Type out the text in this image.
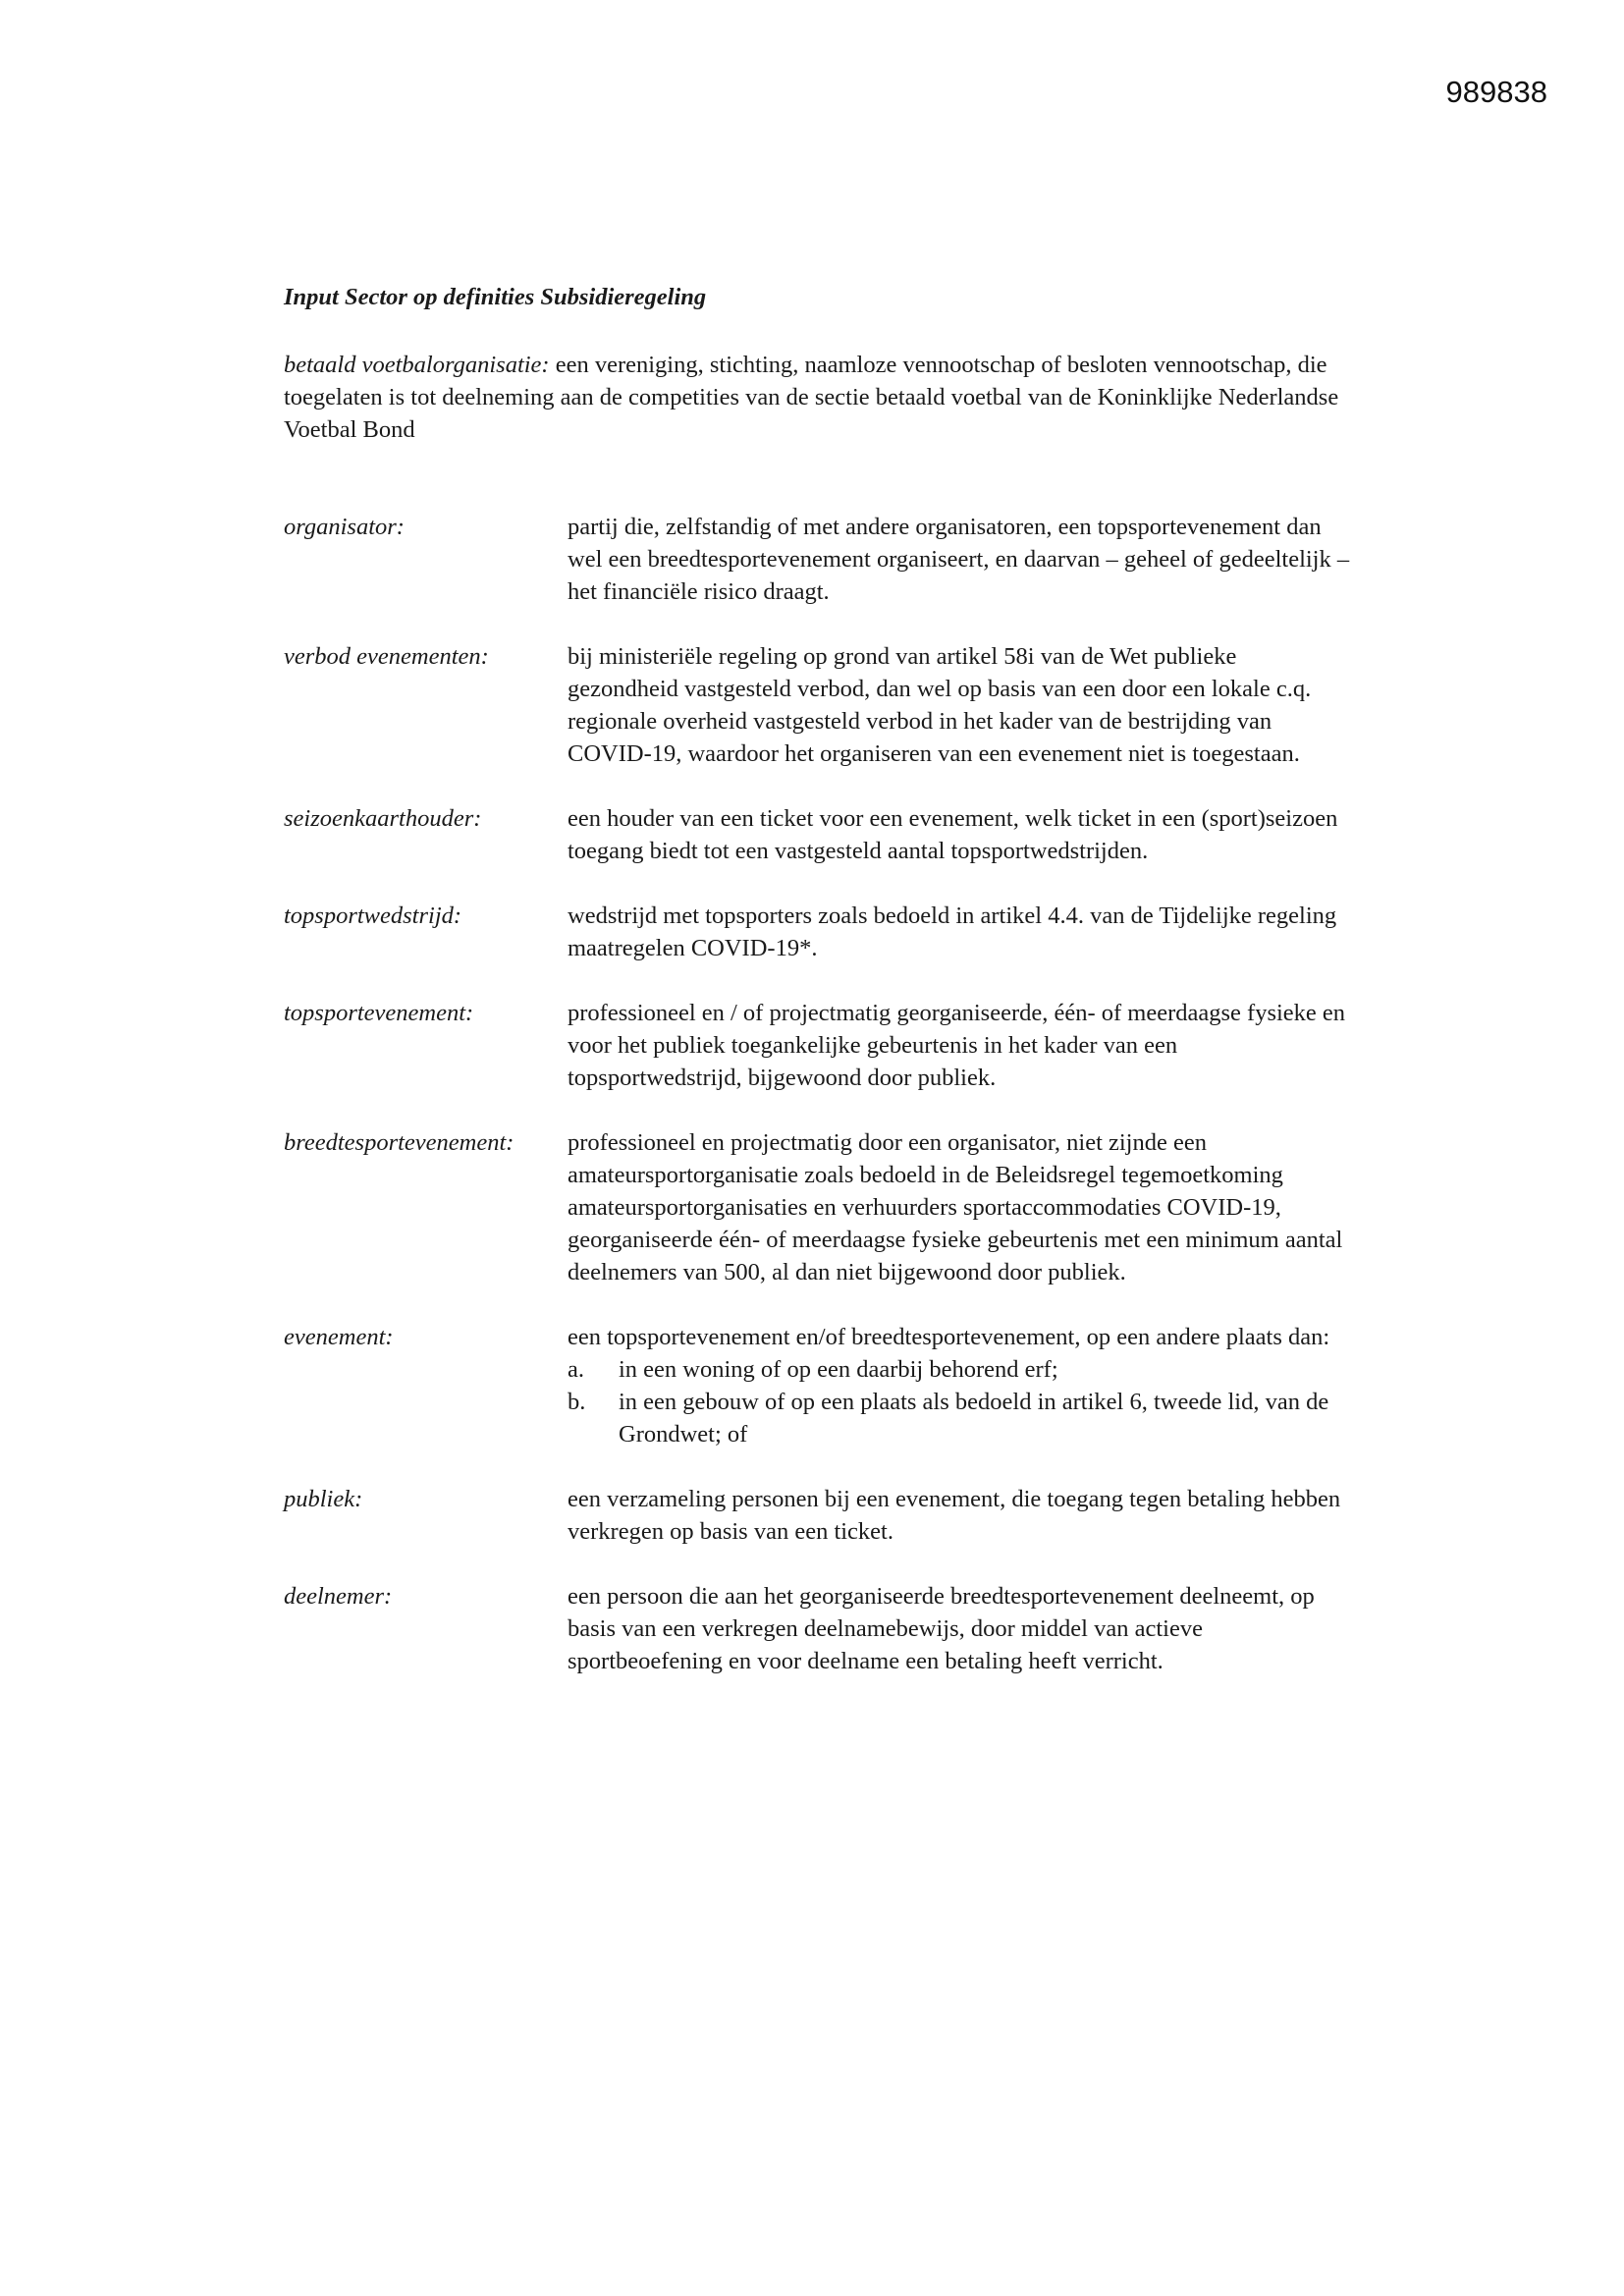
989838
Input Sector op definities Subsidieregeling
betaald voetbalorganisatie: een vereniging, stichting, naamloze vennootschap of besloten vennootschap, die toegelaten is tot deelneming aan de competities van de sectie betaald voetbal van de Koninklijke Nederlandse Voetbal Bond
organisator:	partij die, zelfstandig of met andere organisatoren, een topsportevenement dan wel een breedtesportevenement organiseert, en daarvan – geheel of gedeeltelijk – het financiële risico draagt.
verbod evenementen:	bij ministeriële regeling op grond van artikel 58i van de Wet publieke gezondheid vastgesteld verbod, dan wel op basis van een door een lokale c.q. regionale overheid vastgesteld verbod in het kader van de bestrijding van COVID-19, waardoor het organiseren van een evenement niet is toegestaan.
seizoenkaarthouder:	een houder van een ticket voor een evenement, welk ticket in een (sport)seizoen toegang biedt tot een vastgesteld aantal topsportwedstrijden.
topsportwedstrijd:	wedstrijd met topsporters zoals bedoeld in artikel 4.4. van de Tijdelijke regeling maatregelen COVID-19*.
topsportevenement:	professioneel en / of projectmatig georganiseerde, één- of meerdaagse fysieke en voor het publiek toegankelijke gebeurtenis in het kader van een topsportwedstrijd, bijgewoond door publiek.
breedtesportevenement:	professioneel en projectmatig door een organisator, niet zijnde een amateursportorganisatie zoals bedoeld in de Beleidsregel tegemoetkoming amateursportorganisaties en verhuurders sportaccommodaties COVID-19, georganiseerde één- of meerdaagse fysieke gebeurtenis met een minimum aantal deelnemers van 500, al dan niet bijgewoond door publiek.
evenement:	een topsportevenement en/of breedtesportevenement, op een andere plaats dan:
a.	in een woning of op een daarbij behorend erf;
b.	in een gebouw of op een plaats als bedoeld in artikel 6, tweede lid, van de Grondwet; of
publiek:	een verzameling personen bij een evenement, die toegang tegen betaling hebben verkregen op basis van een ticket.
deelnemer:	een persoon die aan het georganiseerde breedtesportevenement deelneemt, op basis van een verkregen deelnamebewijs, door middel van actieve sportbeoefening en voor deelname een betaling heeft verricht.
